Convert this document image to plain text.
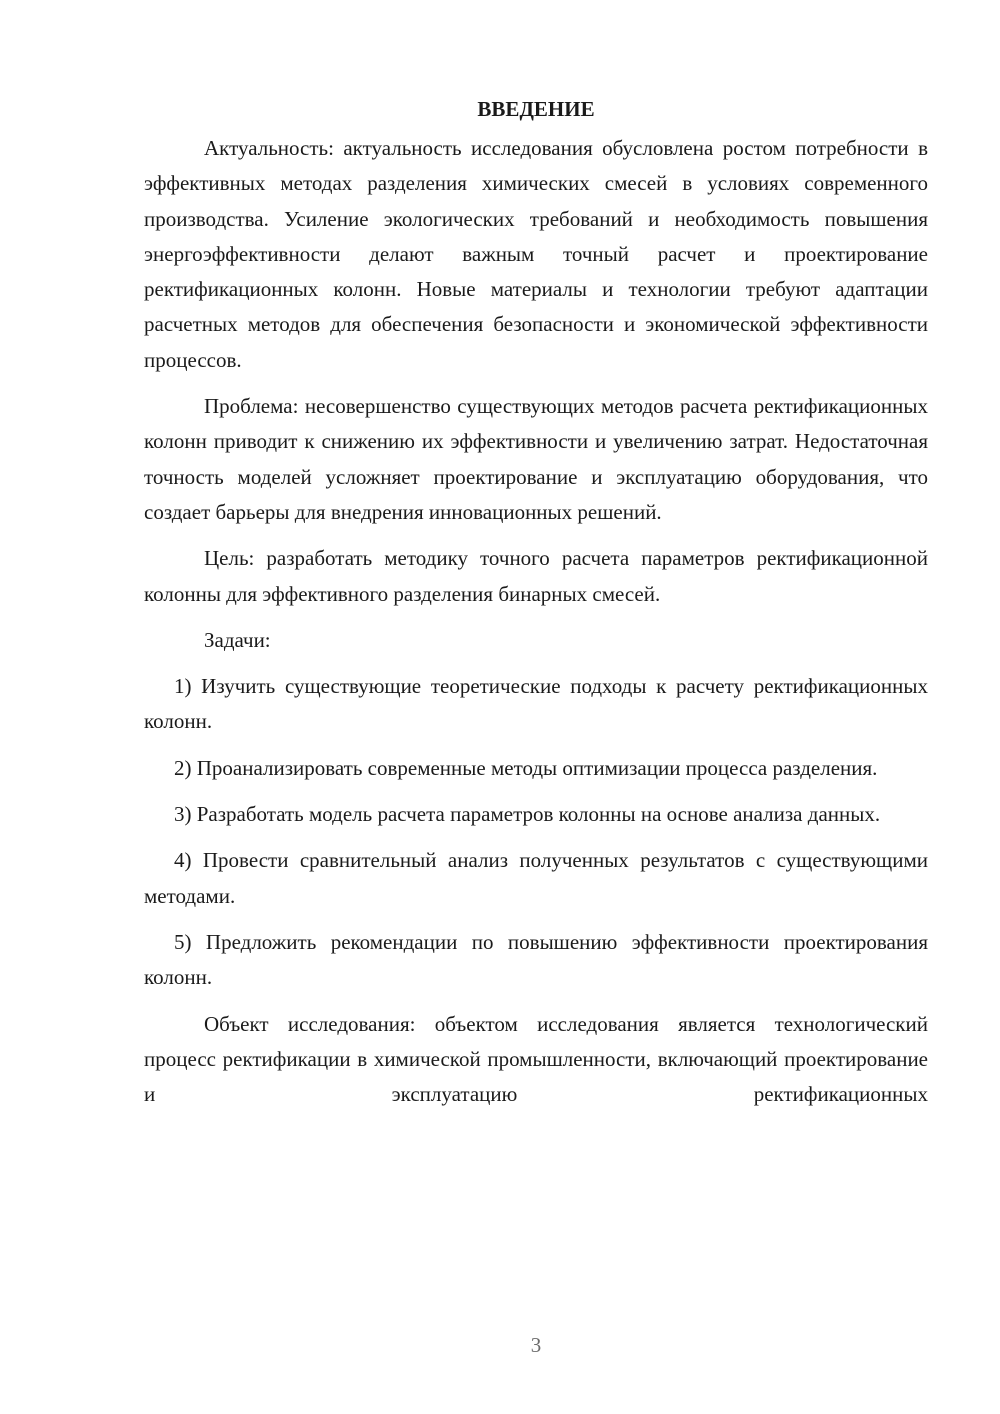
ВВЕДЕНИЕ

Актуальность: актуальность исследования обусловлена ростом потребности в эффективных методах разделения химических смесей в условиях современного производства. Усиление экологических требований и необходимость повышения энергоэффективности делают важным точный расчет и проектирование ректификационных колонн. Новые материалы и технологии требуют адаптации расчетных методов для обеспечения безопасности и экономической эффективности процессов.

Проблема: несовершенство существующих методов расчета ректификационных колонн приводит к снижению их эффективности и увеличению затрат. Недостаточная точность моделей усложняет проектирование и эксплуатацию оборудования, что создает барьеры для внедрения инновационных решений.

Цель: разработать методику точного расчета параметров ректификационной колонны для эффективного разделения бинарных смесей.

Задачи:

1) Изучить существующие теоретические подходы к расчету ректификационных колонн.

2) Проанализировать современные методы оптимизации процесса разделения.

3) Разработать модель расчета параметров колонны на основе анализа данных.

4) Провести сравнительный анализ полученных результатов с существующими методами.

5) Предложить рекомендации по повышению эффективности проектирования колонн.

Объект исследования: объектом исследования является технологический процесс ректификации в химической промышленности, включающий проектирование и эксплуатацию ректификационных

3
